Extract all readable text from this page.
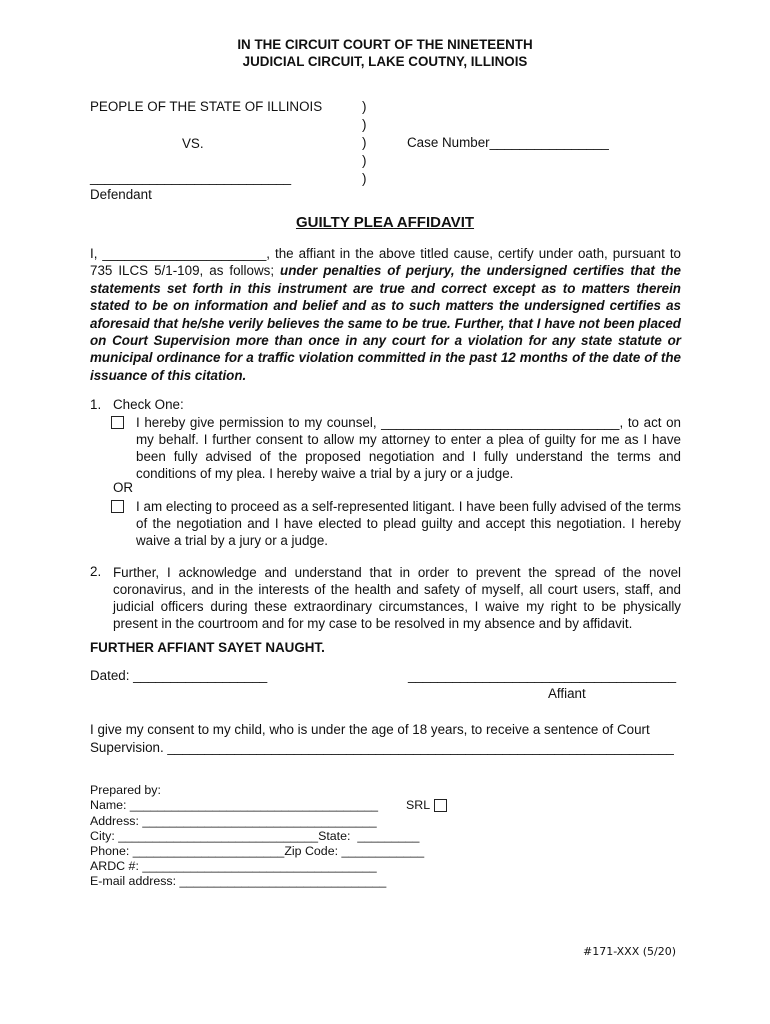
IN THE CIRCUIT COURT OF THE NINETEENTH
JUDICIAL CIRCUIT, LAKE COUTNY, ILLINOIS
PEOPLE OF THE STATE OF ILLINOIS
VS.
___________________________
Defendant
)
)
)
)
)
Case Number________________
GUILTY PLEA AFFIDAVIT
I, ______________________, the affiant in the above titled cause, certify under oath, pursuant to 735 ILCS 5/1-109, as follows; under penalties of perjury, the undersigned certifies that the statements set forth in this instrument are true and correct except as to matters therein stated to be on information and belief and as to such matters the undersigned certifies as aforesaid that he/she verily believes the same to be true. Further, that I have not been placed on Court Supervision more than once in any court for a violation for any state statute or municipal ordinance for a traffic violation committed in the past 12 months of the date of the issuance of this citation.
1. Check One:
I hereby give permission to my counsel, ________________________________, to act on my behalf. I further consent to allow my attorney to enter a plea of guilty for me as I have been fully advised of the proposed negotiation and I fully understand the terms and conditions of my plea. I hereby waive a trial by a jury or a judge.
OR
I am electing to proceed as a self-represented litigant. I have been fully advised of the terms of the negotiation and I have elected to plead guilty and accept this negotiation. I hereby waive a trial by a jury or a judge.
2. Further, I acknowledge and understand that in order to prevent the spread of the novel coronavirus, and in the interests of the health and safety of myself, all court users, staff, and judicial officers during these extraordinary circumstances, I waive my right to be physically present in the courtroom and for my case to be resolved in my absence and by affidavit.
FURTHER AFFIANT SAYET NAUGHT.
Dated: __________________	____________________________________
Affiant
I give my consent to my child, who is under the age of 18 years, to receive a sentence of Court
Supervision. ____________________________________________________________________
Prepared by:
Name: ____________________________________ SRL
Address: __________________________________
City: _____________________________State:  _________
Phone: ______________________Zip Code: ____________
ARDC #: __________________________________
E-mail address: ______________________________
#171-XXX (5/20)
